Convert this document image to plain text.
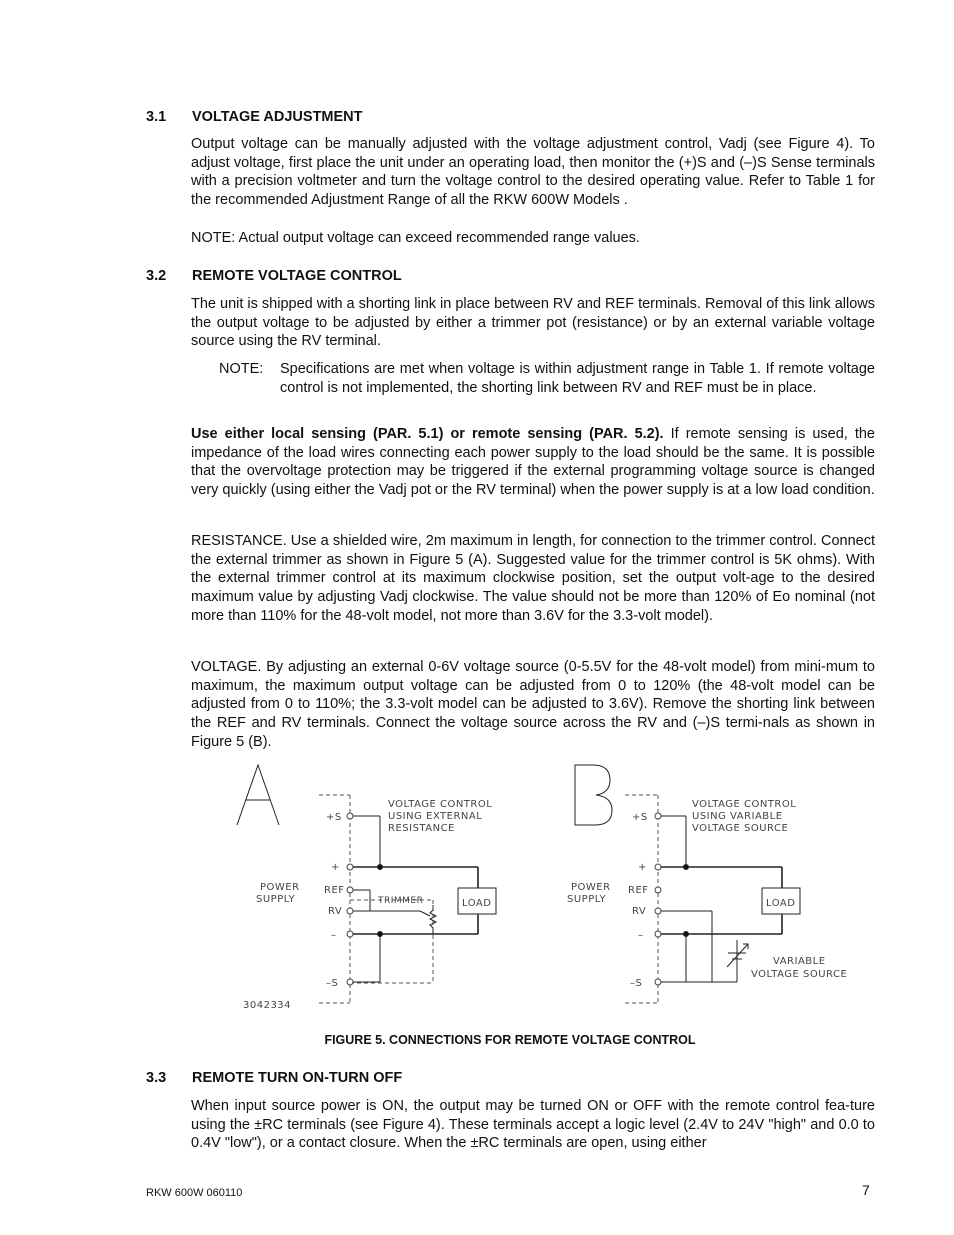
3.1 VOLTAGE ADJUSTMENT
Output voltage can be manually adjusted with the voltage adjustment control, Vadj (see Figure 4). To adjust voltage, first place the unit under an operating load, then monitor the (+)S and (–)S Sense terminals with a precision voltmeter and turn the voltage control to the desired operating value. Refer to Table 1 for the recommended Adjustment Range of all the RKW 600W Models .
NOTE: Actual output voltage can exceed recommended range values.
3.2 REMOTE VOLTAGE CONTROL
The unit is shipped with a shorting link in place between RV and REF terminals. Removal of this link allows the output voltage to be adjusted by either a trimmer pot (resistance) or by an external variable voltage source using the RV terminal.
NOTE: Specifications are met when voltage is within adjustment range in Table 1. If remote voltage control is not implemented, the shorting link between RV and REF must be in place.
Use either local sensing (PAR. 5.1) or remote sensing (PAR. 5.2). If remote sensing is used, the impedance of the load wires connecting each power supply to the load should be the same. It is possible that the overvoltage protection may be triggered if the external programming voltage source is changed very quickly (using either the Vadj pot or the RV terminal) when the power supply is at a low load condition.
RESISTANCE. Use a shielded wire, 2m maximum in length, for connection to the trimmer control. Connect the external trimmer as shown in Figure 5 (A). Suggested value for the trimmer control is 5K ohms). With the external trimmer control at its maximum clockwise position, set the output volt-age to the desired maximum value by adjusting Vadj clockwise. The value should not be more than 120% of Eo nominal (not more than 110% for the 48-volt model, not more than 3.6V for the 3.3-volt model).
VOLTAGE. By adjusting an external 0-6V voltage source (0-5.5V for the 48-volt model) from mini-mum to maximum, the maximum output voltage can be adjusted from 0 to 120% (the 48-volt model can be adjusted from 0 to 110%; the 3.3-volt model can be adjusted to 3.6V). Remove the shorting link between the REF and RV terminals. Connect the voltage source across the RV and (–)S termi-nals as shown in Figure 5 (B).
VOLTAGE CONTROL
USING EXTERNAL
RESISTANCE
POWER
SUPPLY	TRIMMER	LOAD
3042334
+S
+
REF
RV
–
–S
VOLTAGE CONTROL
USING VARIABLE
VOLTAGE SOURCE
POWER
SUPPLY	LOAD
VARIABLE
VOLTAGE SOURCE
+S
+
REF
RV
–
–S
FIGURE 5. CONNECTIONS FOR REMOTE VOLTAGE CONTROL
3.3 REMOTE TURN ON-TURN OFF
When input source power is ON, the output may be turned ON or OFF with the remote control fea-ture using the ±RC terminals (see Figure 4). These terminals accept a logic level (2.4V to 24V "high" and 0.0 to 0.4V "low"), or a contact closure. When the ±RC terminals are open, using either
RKW 600W 060110	7
